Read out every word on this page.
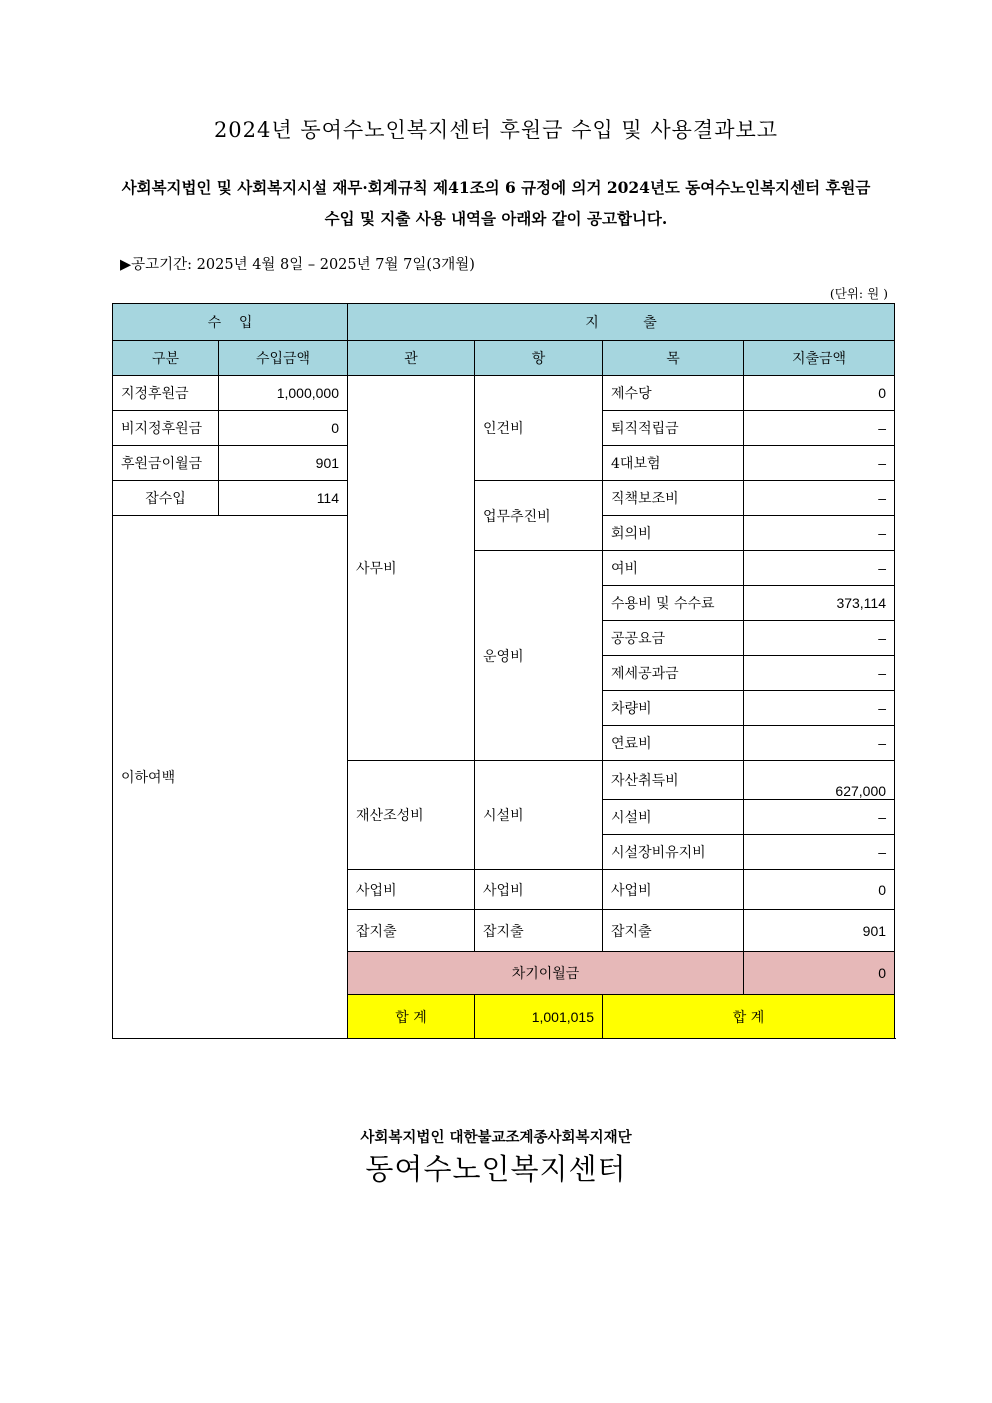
2024년 동여수노인복지센터 후원금 수입 및 사용결과보고
사회복지법인 및 사회복지시설 재무·회계규칙 제41조의 6 규정에 의거 2024년도 동여수노인복지센터 후원금
수입 및 지출 사용 내역을 아래와 같이 공고합니다.
▶공고기간: 2025년 4월 8일 – 2025년 7월 7일(3개월)
(단위: 원 )
수    입		지          출				
구분	수입금액	관	항	목	지출금액	
지정후원금	1,000,000	사무비	인건비	제수당	0	
비지정후원금	0			퇴직적립금	–	
후원금이월금	901			4대보험	–	
잡수입	114		업무추진비	직책보조비	–	
이하여백				회의비	–	
			운영비	여비	–	
				수용비 및 수수료	373,114	
				공공요금	–	
				제세공과금	–	
				차량비	–	
				연료비	–	
		재산조성비	시설비	자산취득비	627,000	
				시설비	–	
				시설장비유지비	–	
		사업비	사업비	사업비	0	
		잡지출	잡지출	잡지출	901	
		차기이월금			0	
		합 계	1,001,015	합 계	
사회복지법인 대한불교조계종사회복지재단
동여수노인복지센터
